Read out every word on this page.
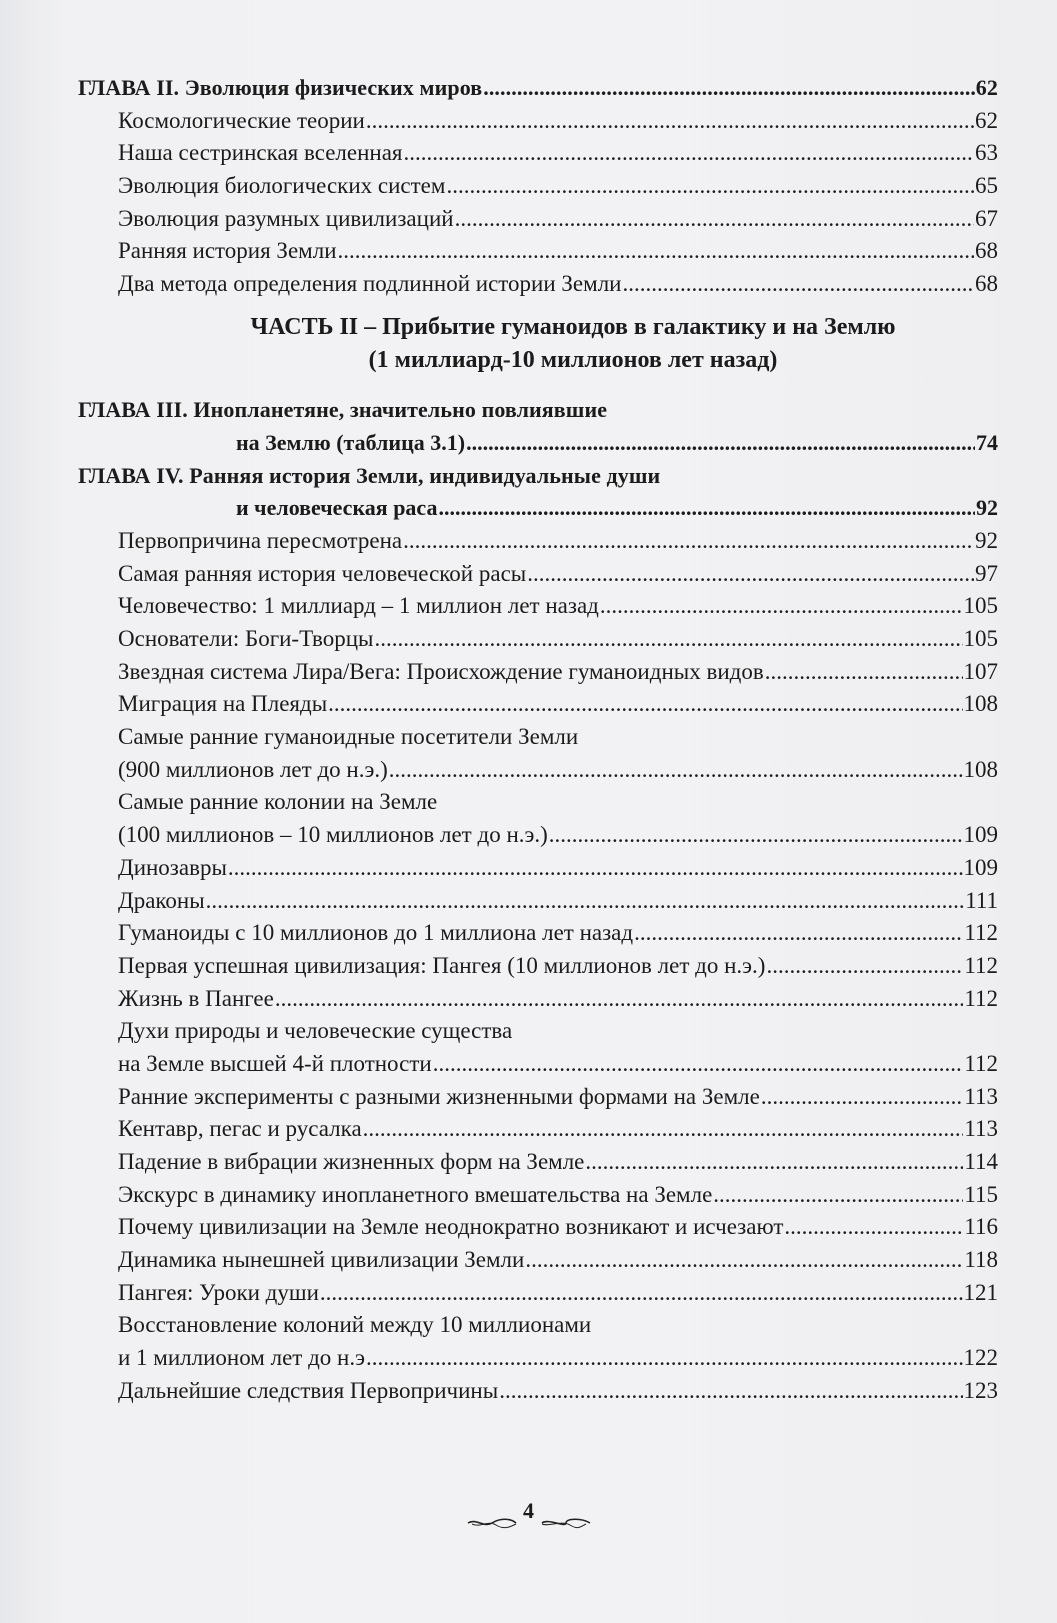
ГЛАВА II. Эволюция физических миров .....	62
Космологические теории .....	62
Наша сестринская вселенная .....	63
Эволюция биологических систем .....	65
Эволюция разумных цивилизаций .....	67
Ранняя история Земли .....	68
Два метода определения подлинной истории Земли .....	68
ЧАСТЬ II – Прибытие гуманоидов в галактику и на Землю
(1 миллиард-10 миллионов лет назад)
ГЛАВА III. Инопланетяне, значительно повлиявшие
на Землю (таблица 3.1) .....	74
ГЛАВА IV. Ранняя история Земли, индивидуальные души
и человеческая раса .....	92
Первопричина пересмотрена .....	92
Самая ранняя история человеческой расы .....	97
Человечество: 1 миллиард – 1 миллион лет назад .....	105
Основатели: Боги-Творцы .....	105
Звездная система Лира/Вега: Происхождение гуманоидных видов .....	107
Миграция на Плеяды .....	108
Самые ранние гуманоидные посетители Земли
(900 миллионов лет до н.э.) .....	108
Самые ранние колонии на Земле
(100 миллионов – 10 миллионов лет до н.э.) .....	109
Динозавры .....	109
Драконы .....	111
Гуманоиды с 10 миллионов до 1 миллиона лет назад .....	112
Первая успешная цивилизация: Пангея (10 миллионов лет до н.э.) .....	112
Жизнь в Пангее .....	112
Духи природы и человеческие существа
на Земле высшей 4-й плотности .....	112
Ранние эксперименты с разными жизненными формами на Земле .....	113
Кентавр, пегас и русалка .....	113
Падение в вибрации жизненных форм на Земле .....	114
Экскурс в динамику инопланетного вмешательства на Земле .....	115
Почему цивилизации на Земле неоднократно возникают и исчезают .....	116
Динамика нынешней цивилизации Земли .....	118
Пангея: Уроки души .....	121
Восстановление колоний между 10 миллионами
и 1 миллионом лет до н.э .....	122
Дальнейшие следствия Первопричины .....	123
4
